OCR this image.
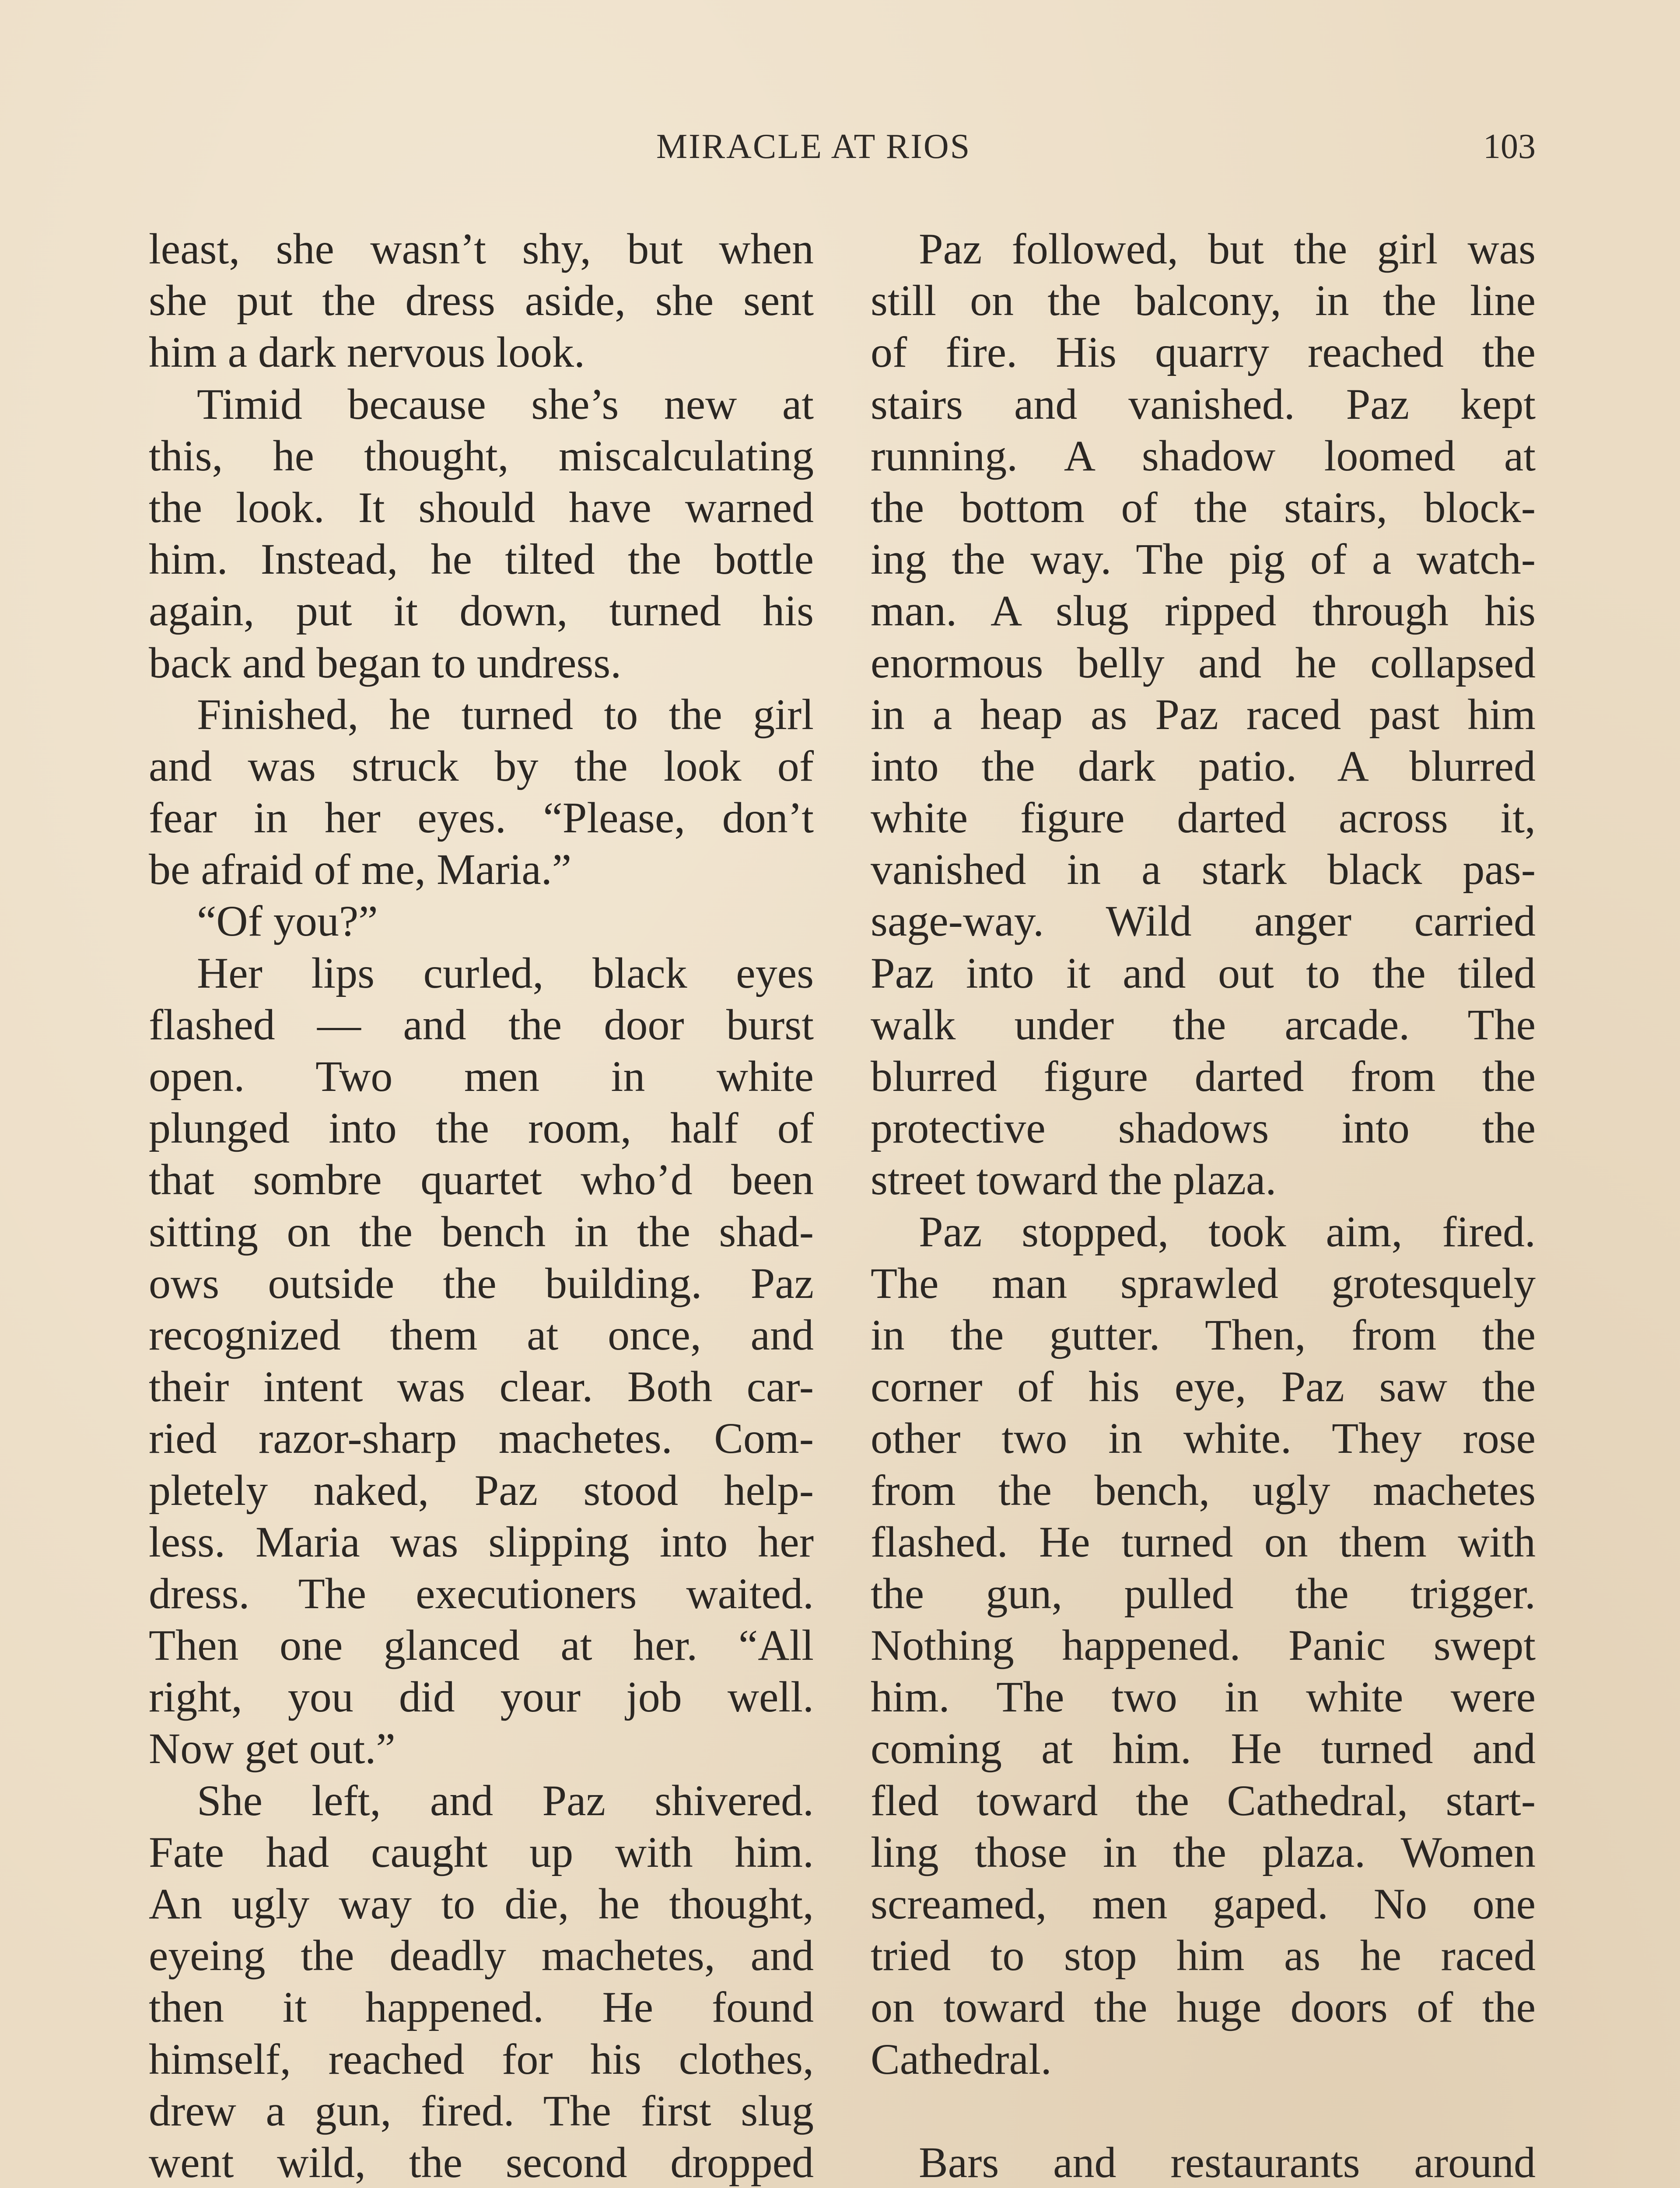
MIRACLE AT RIOS	103
least, she wasn’t shy, but when
she put the dress aside, she sent
him a dark nervous look.
Timid because she’s new at
this, he thought, miscalculating
the look. It should have warned
him. Instead, he tilted the bottle
again, put it down, turned his
back and began to undress.
Finished, he turned to the girl
and was struck by the look of
fear in her eyes. “Please, don’t
be afraid of me, Maria.”
“Of you?”
Her lips curled, black eyes
flashed — and the door burst
open. Two men in white
plunged into the room, half of
that sombre quartet who’d been
sitting on the bench in the shad-
ows outside the building. Paz
recognized them at once, and
their intent was clear. Both car-
ried razor-sharp machetes. Com-
pletely naked, Paz stood help-
less. Maria was slipping into her
dress. The executioners waited.
Then one glanced at her. “All
right, you did your job well.
Now get out.”
She left, and Paz shivered.
Fate had caught up with him.
An ugly way to die, he thought,
eyeing the deadly machetes, and
then it happened. He found
himself, reached for his clothes,
drew a gun, fired. The first slug
went wild, the second dropped
Paz followed, but the girl was
still on the balcony, in the line
of fire. His quarry reached the
stairs and vanished. Paz kept
running. A shadow loomed at
the bottom of the stairs, block-
ing the way. The pig of a watch-
man. A slug ripped through his
enormous belly and he collapsed
in a heap as Paz raced past him
into the dark patio. A blurred
white figure darted across it,
vanished in a stark black pas-
sage-way. Wild anger carried
Paz into it and out to the tiled
walk under the arcade. The
blurred figure darted from the
protective shadows into the
street toward the plaza.
Paz stopped, took aim, fired.
The man sprawled grotesquely
in the gutter. Then, from the
corner of his eye, Paz saw the
other two in white. They rose
from the bench, ugly machetes
flashed. He turned on them with
the gun, pulled the trigger.
Nothing happened. Panic swept
him. The two in white were
coming at him. He turned and
fled toward the Cathedral, start-
ling those in the plaza. Women
screamed, men gaped. No one
tried to stop him as he raced
on toward the huge doors of the
Cathedral.
Bars and restaurants around
